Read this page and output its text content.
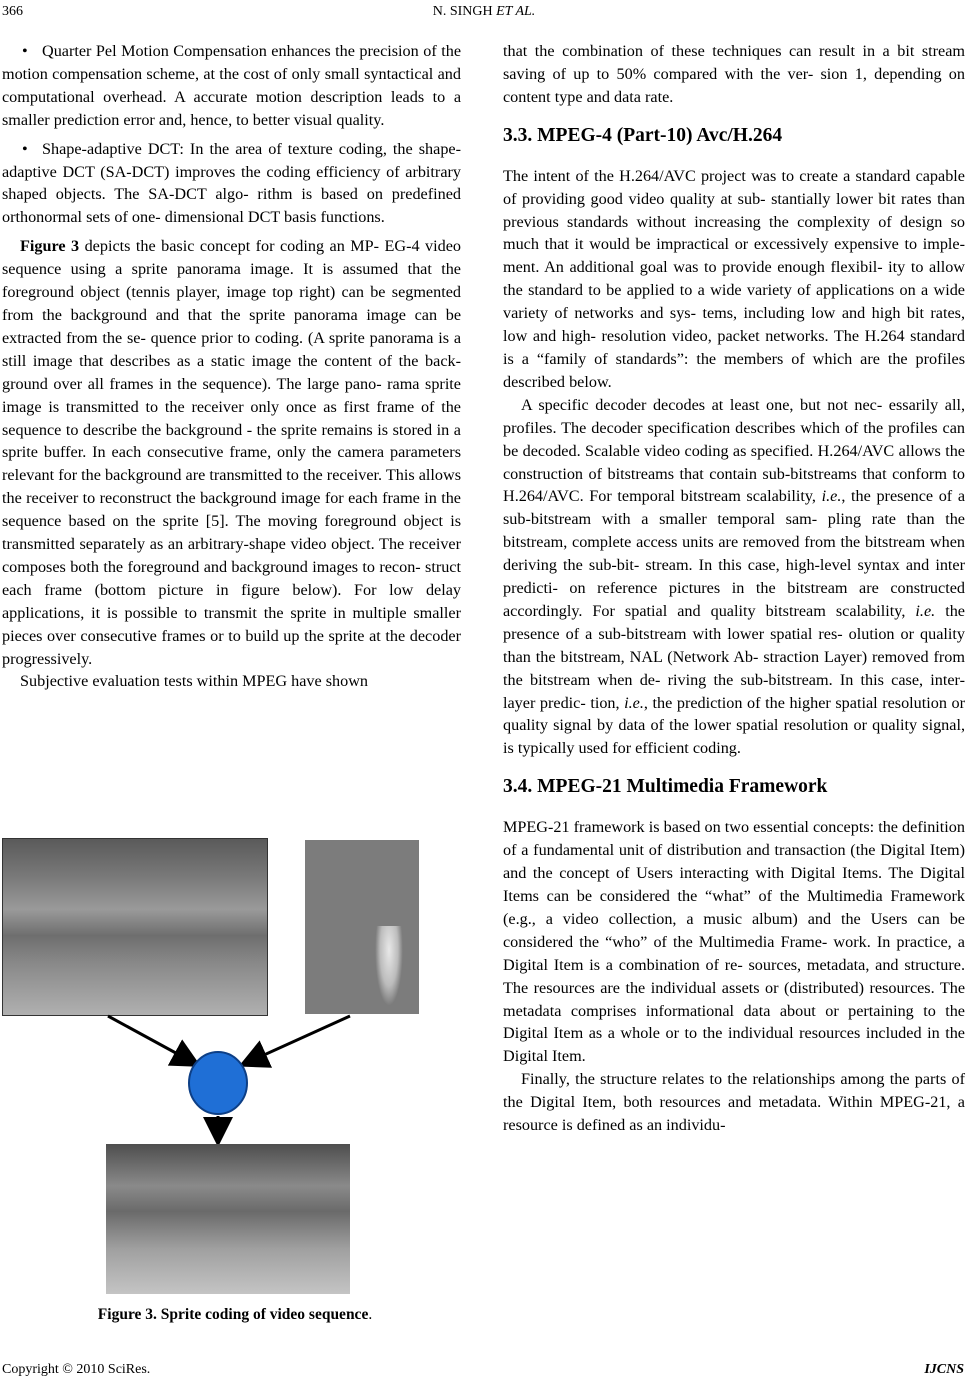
366	N. SINGH ET AL.

• Quarter Pel Motion Compensation enhances the precision of the motion compensation scheme, at the cost of only small syntactical and computational overhead. A accurate motion description leads to a smaller prediction error and, hence, to better visual quality.

• Shape-adaptive DCT: In the area of texture coding, the shape-adaptive DCT (SA-DCT) improves the coding efficiency of arbitrary shaped objects. The SA-DCT algo- rithm is based on predefined orthonormal sets of one- dimensional DCT basis functions.

Figure 3 depicts the basic concept for coding an MP- EG-4 video sequence using a sprite panorama image. It is assumed that the foreground object (tennis player, image top right) can be segmented from the background and that the sprite panorama image can be extracted from the se- quence prior to coding. (A sprite panorama is a still image that describes as a static image the content of the back- ground over all frames in the sequence). The large pano- rama sprite image is transmitted to the receiver only once as first frame of the sequence to describe the background - the sprite remains is stored in a sprite buffer. In each consecutive frame, only the camera parameters relevant for the background are transmitted to the receiver. This allows the receiver to reconstruct the background image for each frame in the sequence based on the sprite [5]. The moving foreground object is transmitted separately as an arbitrary-shape video object. The receiver composes both the foreground and background images to recon- struct each frame (bottom picture in figure below). For low delay applications, it is possible to transmit the sprite in multiple smaller pieces over consecutive frames or to build up the sprite at the decoder progressively.

Subjective evaluation tests within MPEG have shown

Figure 3. Sprite coding of video sequence.

that the combination of these techniques can result in a bit stream saving of up to 50% compared with the ver- sion 1, depending on content type and data rate.

3.3. MPEG-4 (Part-10) Avc/H.264

The intent of the H.264/AVC project was to create a standard capable of providing good video quality at sub- stantially lower bit rates than previous standards without increasing the complexity of design so much that it would be impractical or excessively expensive to imple- ment. An additional goal was to provide enough flexibil- ity to allow the standard to be applied to a wide variety of applications on a wide variety of networks and sys- tems, including low and high bit rates, low and high- resolution video, packet networks. The H.264 standard is a “family of standards”: the members of which are the profiles described below.

A specific decoder decodes at least one, but not nec- essarily all, profiles. The decoder specification describes which of the profiles can be decoded. Scalable video coding as specified. H.264/AVC allows the construction of bitstreams that contain sub-bitstreams that conform to H.264/AVC. For temporal bitstream scalability, i.e., the presence of a sub-bitstream with a smaller temporal sam- pling rate than the bitstream, complete access units are removed from the bitstream when deriving the sub-bit- stream. In this case, high-level syntax and inter predicti- on reference pictures in the bitstream are constructed accordingly. For spatial and quality bitstream scalability, i.e. the presence of a sub-bitstream with lower spatial res- olution or quality than the bitstream, NAL (Network Ab- straction Layer) removed from the bitstream when de- riving the sub-bitstream. In this case, inter-layer predic- tion, i.e., the prediction of the higher spatial resolution or quality signal by data of the lower spatial resolution or quality signal, is typically used for efficient coding.

3.4. MPEG-21 Multimedia Framework

MPEG-21 framework is based on two essential concepts: the definition of a fundamental unit of distribution and transaction (the Digital Item) and the concept of Users interacting with Digital Items. The Digital Items can be considered the “what” of the Multimedia Framework (e.g., a video collection, a music album) and the Users can be considered the “who” of the Multimedia Frame- work. In practice, a Digital Item is a combination of re- sources, metadata, and structure. The resources are the individual assets or (distributed) resources. The metadata comprises informational data about or pertaining to the Digital Item as a whole or to the individual resources included in the Digital Item.

Finally, the structure relates to the relationships among the parts of the Digital Item, both resources and metadata. Within MPEG-21, a resource is defined as an individu-

Copyright © 2010 SciRes.	IJCNS
